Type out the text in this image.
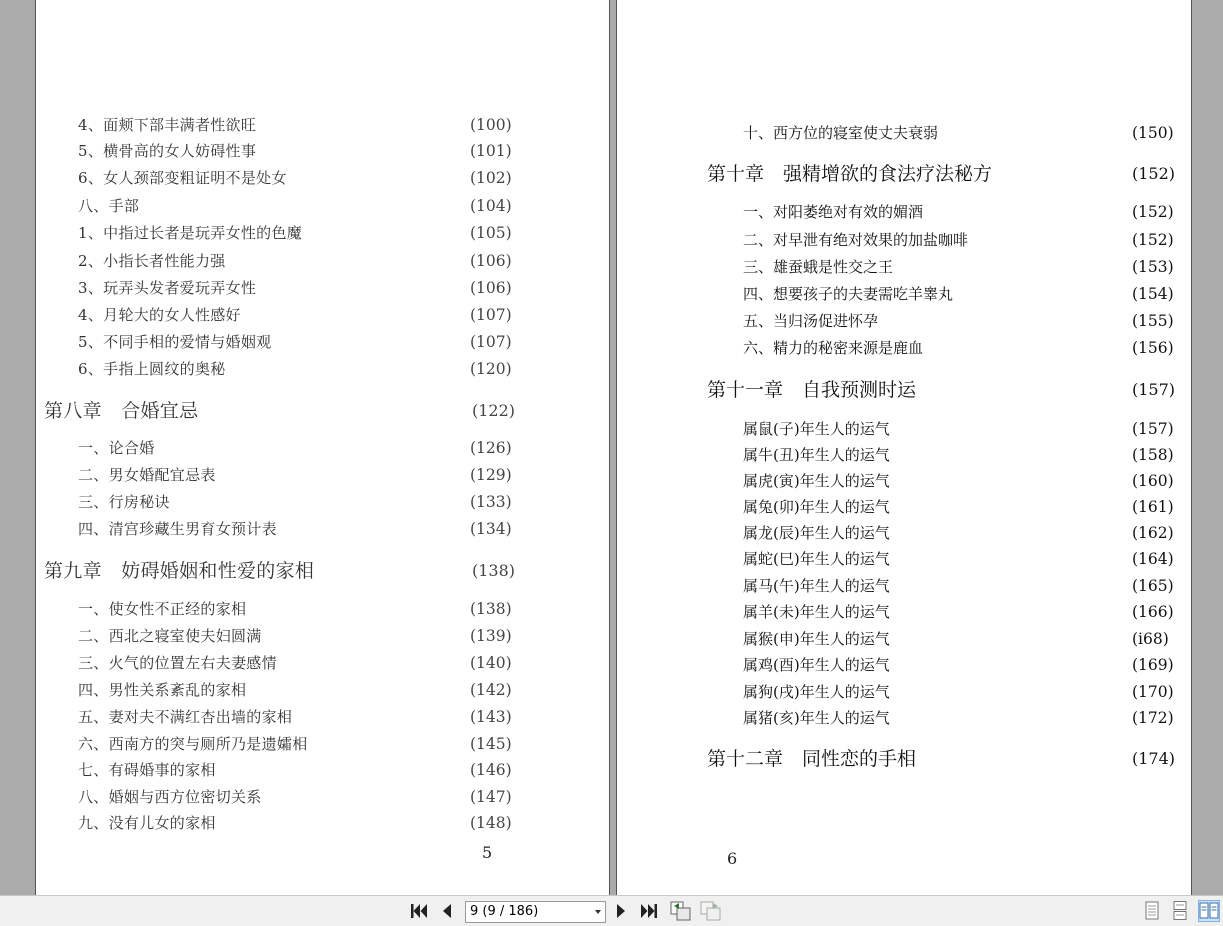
4、面颊下部丰满者性欲旺	(100)
5、横骨高的女人妨碍性事	(101)
6、女人颈部变粗证明不是处女	(102)
八、手部	(104)
1、中指过长者是玩弄女性的色魔	(105)
2、小指长者性能力强	(106)
3、玩弄头发者爱玩弄女性	(106)
4、月轮大的女人性感好	(107)
5、不同手相的爱情与婚姻观	(107)
6、手指上圆纹的奥秘	(120)
第八章　合婚宜忌	(122)
一、论合婚	(126)
二、男女婚配宜忌表	(129)
三、行房秘诀	(133)
四、清宫珍藏生男育女预计表	(134)
第九章　妨碍婚姻和性爱的家相	(138)
一、使女性不正经的家相	(138)
二、西北之寝室使夫妇圆满	(139)
三、火气的位置左右夫妻感情	(140)
四、男性关系紊乱的家相	(142)
五、妻对夫不满红杏出墙的家相	(143)
六、西南方的突与厕所乃是遗孀相	(145)
七、有碍婚事的家相	(146)
八、婚姻与西方位密切关系	(147)
九、没有儿女的家相	(148)
5
十、西方位的寝室使丈夫衰弱	(150)
第十章　强精增欲的食法疗法秘方	(152)
一、对阳萎绝对有效的媚酒	(152)
二、对早泄有绝对效果的加盐咖啡	(152)
三、雄蚕蛾是性交之王	(153)
四、想要孩子的夫妻需吃羊睾丸	(154)
五、当归汤促进怀孕	(155)
六、精力的秘密来源是鹿血	(156)
第十一章　自我预测时运	(157)
属鼠(子)年生人的运气	(157)
属牛(丑)年生人的运气	(158)
属虎(寅)年生人的运气	(160)
属兔(卯)年生人的运气	(161)
属龙(辰)年生人的运气	(162)
属蛇(巳)年生人的运气	(164)
属马(午)年生人的运气	(165)
属羊(未)年生人的运气	(166)
属猴(申)年生人的运气	(i68)
属鸡(酉)年生人的运气	(169)
属狗(戌)年生人的运气	(170)
属猪(亥)年生人的运气	(172)
第十二章　同性恋的手相	(174)
6
9 (9 / 186)
